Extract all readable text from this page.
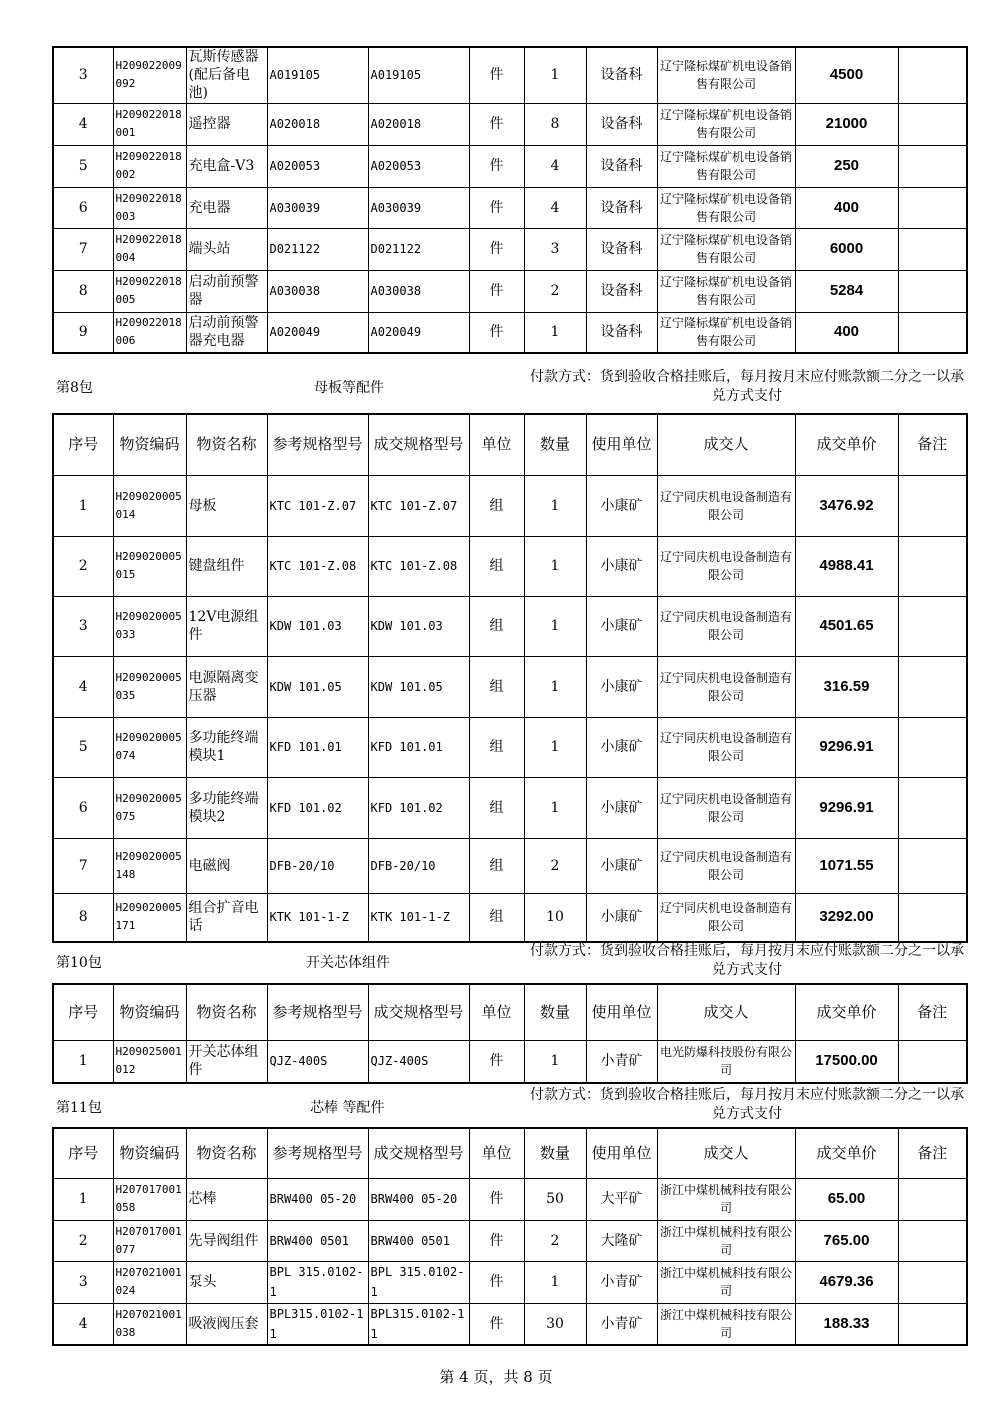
3	H209022009092	瓦斯传感器(配后备电池)	A019105	A019105	件	1	设备科	辽宁隆标煤矿机电设备销售有限公司	4500	
4	H209022018001	遥控器	A020018	A020018	件	8	设备科	辽宁隆标煤矿机电设备销售有限公司	21000	
5	H209022018002	充电盒-V3	A020053	A020053	件	4	设备科	辽宁隆标煤矿机电设备销售有限公司	250	
6	H209022018003	充电器	A030039	A030039	件	4	设备科	辽宁隆标煤矿机电设备销售有限公司	400	
7	H209022018004	端头站	D021122	D021122	件	3	设备科	辽宁隆标煤矿机电设备销售有限公司	6000	
8	H209022018005	启动前预警器	A030038	A030038	件	2	设备科	辽宁隆标煤矿机电设备销售有限公司	5284	
9	H209022018006	启动前预警器充电器	A020049	A020049	件	1	设备科	辽宁隆标煤矿机电设备销售有限公司	400	
第8包	母板等配件
付款方式：货到验收合格挂账后，每月按月末应付账款额二分之一以承兑方式支付
序号	物资编码	物资名称	参考规格型号	成交规格型号	单位	数量	使用单位	成交人	成交单价	备注
1	H209020005014	母板	KTC 101-Z.07	KTC 101-Z.07	组	1	小康矿	辽宁同庆机电设备制造有限公司	3476.92	
2	H209020005015	键盘组件	KTC 101-Z.08	KTC 101-Z.08	组	1	小康矿	辽宁同庆机电设备制造有限公司	4988.41	
3	H209020005033	12V电源组件	KDW 101.03	KDW 101.03	组	1	小康矿	辽宁同庆机电设备制造有限公司	4501.65	
4	H209020005035	电源隔离变压器	KDW 101.05	KDW 101.05	组	1	小康矿	辽宁同庆机电设备制造有限公司	316.59	
5	H209020005074	多功能终端模块1	KFD 101.01	KFD 101.01	组	1	小康矿	辽宁同庆机电设备制造有限公司	9296.91	
6	H209020005075	多功能终端模块2	KFD 101.02	KFD 101.02	组	1	小康矿	辽宁同庆机电设备制造有限公司	9296.91	
7	H209020005148	电磁阀	DFB-20/10	DFB-20/10	组	2	小康矿	辽宁同庆机电设备制造有限公司	1071.55	
8	H209020005171	组合扩音电话	KTK 101-1-Z	KTK 101-1-Z	组	10	小康矿	辽宁同庆机电设备制造有限公司	3292.00	
第10包	开关芯体组件
付款方式：货到验收合格挂账后，每月按月末应付账款额二分之一以承兑方式支付
序号	物资编码	物资名称	参考规格型号	成交规格型号	单位	数量	使用单位	成交人	成交单价	备注
1	H209025001012	开关芯体组件	QJZ-400S	QJZ-400S	件	1	小青矿	电光防爆科技股份有限公司	17500.00	
第11包	芯棒 等配件
付款方式：货到验收合格挂账后，每月按月末应付账款额二分之一以承兑方式支付
序号	物资编码	物资名称	参考规格型号	成交规格型号	单位	数量	使用单位	成交人	成交单价	备注
1	H207017001058	芯棒	BRW400 05-20	BRW400 05-20	件	50	大平矿	浙江中煤机械科技有限公司	65.00	
2	H207017001077	先导阀组件	BRW400 0501	BRW400 0501	件	2	大隆矿	浙江中煤机械科技有限公司	765.00	
3	H207021001024	泵头	BPL 315.0102-1	BPL 315.0102-1	件	1	小青矿	浙江中煤机械科技有限公司	4679.36	
4	H207021001038	吸液阀压套	BPL315.0102-11	BPL315.0102-11	件	30	小青矿	浙江中煤机械科技有限公司	188.33	
第 4 页，共 8 页
